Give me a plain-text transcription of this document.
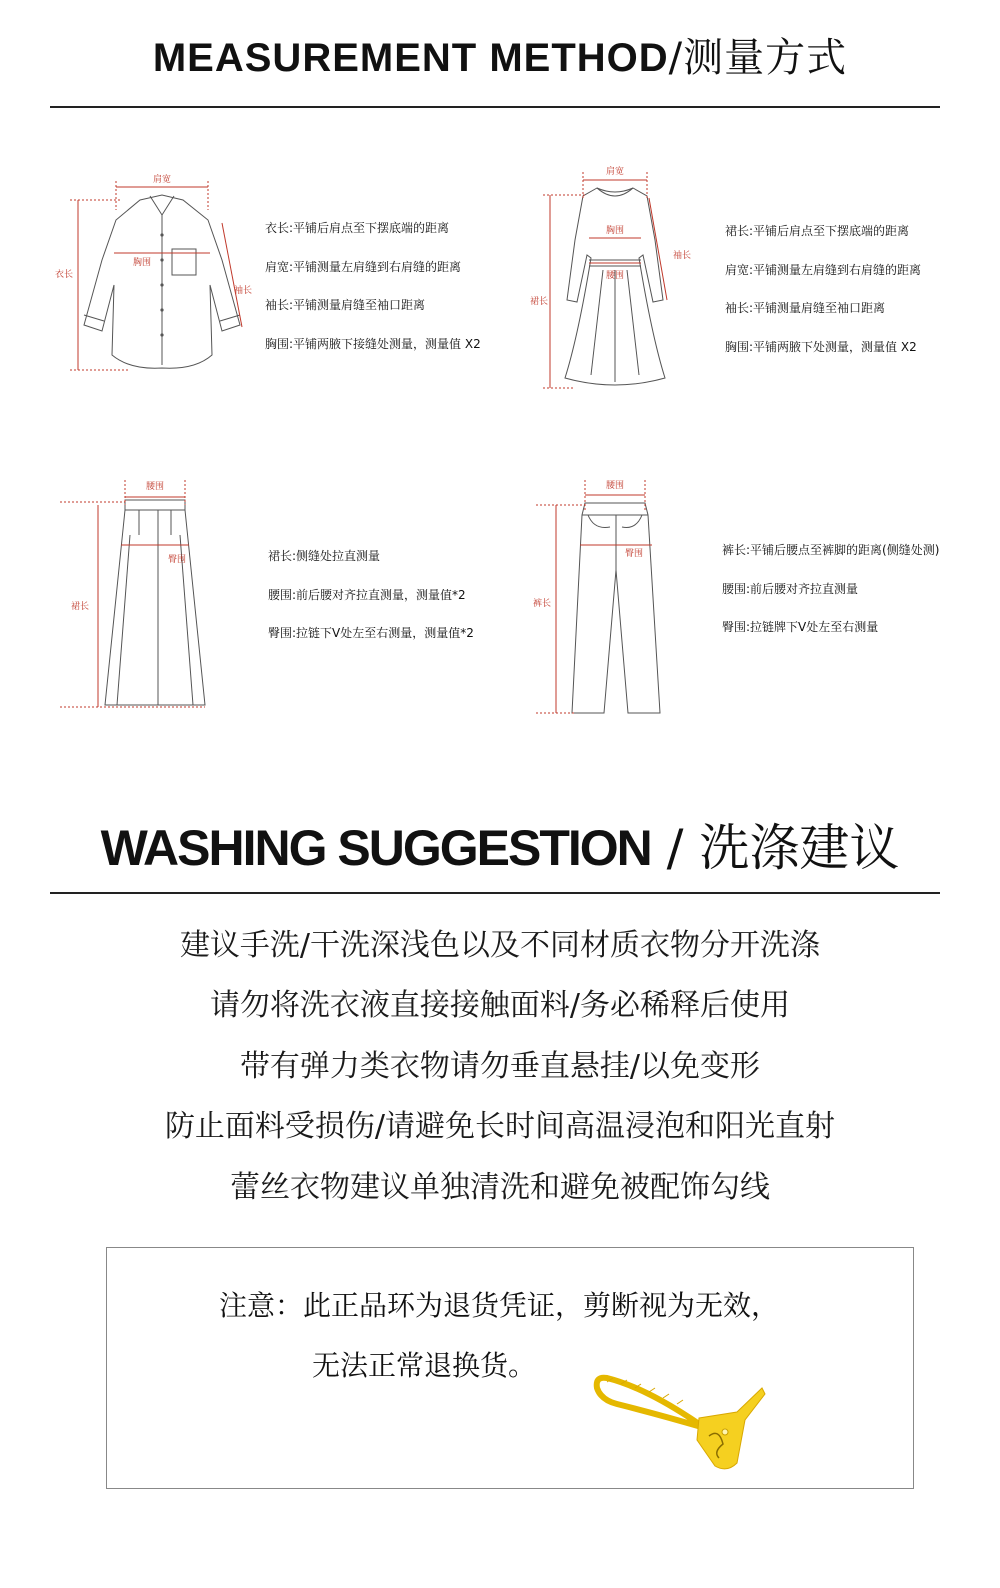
MEASUREMENT METHOD/测量方式
肩宽
胸围
衣长
袖长
衣长:平铺后肩点至下摆底端的距离
肩宽:平铺测量左肩缝到右肩缝的距离
袖长:平铺测量肩缝至袖口距离
胸围:平铺两腋下接缝处测量，测量值 X2
肩宽
胸围
腰围
裙长
袖长
裙长:平铺后肩点至下摆底端的距离
肩宽:平铺测量左肩缝到右肩缝的距离
袖长:平铺测量肩缝至袖口距离
胸围:平铺两腋下处测量，测量值 X2
腰围
臀围
裙长
裙长:侧缝处拉直测量
腰围:前后腰对齐拉直测量，测量值*2
臀围:拉链下V处左至右测量，测量值*2
腰围
臀围
裤长
裤长:平铺后腰点至裤脚的距离(侧缝处测)
腰围:前后腰对齐拉直测量
臀围:拉链牌下V处左至右测量
WASHING SUGGESTION / 洗涤建议
建议手洗/干洗深浅色以及不同材质衣物分开洗涤
请勿将洗衣液直接接触面料/务必稀释后使用
带有弹力类衣物请勿垂直悬挂/以免变形
防止面料受损伤/请避免长时间高温浸泡和阳光直射
蕾丝衣物建议单独清洗和避免被配饰勾线
注意：此正品环为退货凭证，剪断视为无效，
无法正常退换货。
